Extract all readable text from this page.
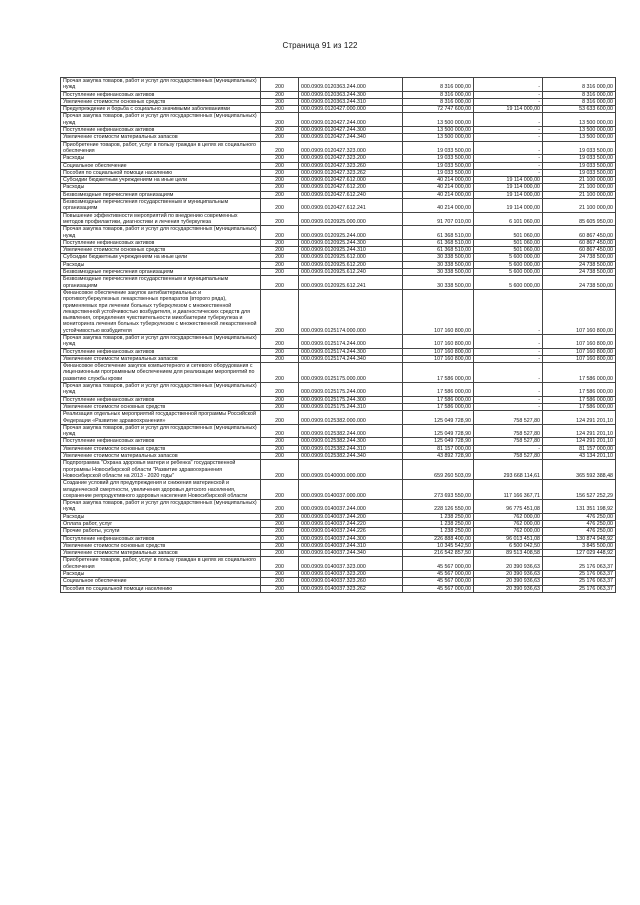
Страница 91 из 122
Прочая закупка товаров, работ и услуг для государственных (муниципальных) нужд	200	000.0909.0120363.244.000	8 316 000,00	-	8 316 000,00
Поступление нефинансовых активов	200	000.0909.0120363.244.300	8 316 000,00	-	8 316 000,00
Увеличение стоимости основных средств	200	000.0909.0120363.244.310	8 316 000,00	-	8 316 000,00
Предупреждение и борьба с социально значимыми заболеваниями	200	000.0909.0120427.000.000	72 747 600,00	19 114 000,00	53 633 600,00
Прочая закупка товаров, работ и услуг для государственных (муниципальных) нужд	200	000.0909.0120427.244.000	13 500 000,00	-	13 500 000,00
Поступление нефинансовых активов	200	000.0909.0120427.244.300	13 500 000,00	-	13 500 000,00
Увеличение стоимости материальных запасов	200	000.0909.0120427.244.340	13 500 000,00	-	13 500 000,00
Приобретение товаров, работ, услуг в пользу граждан в целях их социального обеспечения	200	000.0909.0120427.323.000	19 033 500,00	-	19 033 500,00
Расходы	200	000.0909.0120427.323.200	19 033 500,00	-	19 033 500,00
Социальное обеспечение	200	000.0909.0120427.323.260	19 033 500,00	-	19 033 500,00
Пособия по социальной помощи населению	200	000.0909.0120427.323.262	19 033 500,00	-	19 033 500,00
Субсидии бюджетным учреждениям на иные цели	200	000.0909.0120427.612.000	40 214 000,00	19 114 000,00	21 100 000,00
Расходы	200	000.0909.0120427.612.200	40 214 000,00	19 114 000,00	21 100 000,00
Безвозмездные перечисления организациям	200	000.0909.0120427.612.240	40 214 000,00	19 114 000,00	21 100 000,00
Безвозмездные перечисления государственным и муниципальным организациям	200	000.0909.0120427.612.241	40 214 000,00	19 114 000,00	21 100 000,00
Повышение эффективности мероприятий по внедрению современных методов профилактики, диагностики и лечения туберкулеза	200	000.0909.0120925.000.000	91 707 010,00	6 101 060,00	85 605 950,00
Прочая закупка товаров, работ и услуг для государственных (муниципальных) нужд	200	000.0909.0120925.244.000	61 368 510,00	501 060,00	60 867 450,00
Поступление нефинансовых активов	200	000.0909.0120925.244.300	61 368 510,00	501 060,00	60 867 450,00
Увеличение стоимости основных средств	200	000.0909.0120925.244.310	61 368 510,00	501 060,00	60 867 450,00
Субсидии бюджетным учреждениям на иные цели	200	000.0909.0120925.612.000	30 338 500,00	5 600 000,00	24 738 500,00
Расходы	200	000.0909.0120925.612.200	30 338 500,00	5 600 000,00	24 738 500,00
Безвозмездные перечисления организациям	200	000.0909.0120925.612.240	30 338 500,00	5 600 000,00	24 738 500,00
Безвозмездные перечисления государственным и муниципальным организациям	200	000.0909.0120925.612.241	30 338 500,00	5 600 000,00	24 738 500,00
Финансовое обеспечение закупок антибактериальных и противотуберкулезных лекарственных препаратов (второго ряда), применяемых при лечении больных туберкулезом с множественной лекарственной устойчивостью возбудителя, и диагностических средств для выявления, определения чувствительности микобактерии туберкулеза и мониторинга лечения больных туберкулезом с множественной лекарственной устойчивостью возбудителя	200	000.0909.0125174.000.000	107 160 800,00	-	107 160 800,00
Прочая закупка товаров, работ и услуг для государственных (муниципальных) нужд	200	000.0909.0125174.244.000	107 160 800,00	-	107 160 800,00
Поступление нефинансовых активов	200	000.0909.0125174.244.300	107 160 800,00	-	107 160 800,00
Увеличение стоимости материальных запасов	200	000.0909.0125174.244.340	107 160 800,00	-	107 160 800,00
Финансовое обеспечение закупок компьютерного и сетевого оборудования с лицензионным программным обеспечением для реализации мероприятий по развитию службы крови	200	000.0909.0125175.000.000	17 586 000,00	-	17 586 000,00
Прочая закупка товаров, работ и услуг для государственных (муниципальных) нужд	200	000.0909.0125175.244.000	17 586 000,00	-	17 586 000,00
Поступление нефинансовых активов	200	000.0909.0125175.244.300	17 586 000,00	-	17 586 000,00
Увеличение стоимости основных средств	200	000.0909.0125175.244.310	17 586 000,00	-	17 586 000,00
Реализация отдельных мероприятий государственной программы Российской Федерации «Развитие здравоохранения»	200	000.0909.0125382.000.000	125 049 728,90	758 527,80	124 291 201,10
Прочая закупка товаров, работ и услуг для государственных (муниципальных) нужд	200	000.0909.0125382.244.000	125 049 728,90	758 527,80	124 291 201,10
Поступление нефинансовых активов	200	000.0909.0125382.244.300	125 049 728,90	758 527,80	124 291 201,10
Увеличение стоимости основных средств	200	000.0909.0125382.244.310	81 157 000,00	-	81 157 000,00
Увеличение стоимости материальных запасов	200	000.0909.0125382.244.340	43 892 728,90	758 527,80	43 134 201,10
Подпрограмма "Охрана здоровья матери и ребенка" государственной программы Новосибирской области "Развитие здравоохранения Новосибирской области на 2013 - 2020 годы"	200	000.0909.0140000.000.000	659 260 503,09	293 668 114,61	365 592 388,48
Создание условий для предупреждения и снижения материнской и младенческой смертности, увеличения здоровья детского населения, сохранение репродуктивного здоровья населения Новосибирской области	200	000.0909.0140037.000.000	273 693 550,00	117 166 367,71	156 527 252,29
Прочая закупка товаров, работ и услуг для государственных (муниципальных) нужд	200	000.0909.0140037.244.000	228 126 550,00	96 775 451,08	131 351 198,92
Расходы	200	000.0909.0140037.244.200	1 238 250,00	762 000,00	476 250,00
Оплата работ, услуг	200	000.0909.0140037.244.220	1 238 250,00	762 000,00	476 250,00
Прочие работы, услуги	200	000.0909.0140037.244.226	1 238 250,00	762 000,00	476 250,00
Поступление нефинансовых активов	200	000.0909.0140037.244.300	226 888 400,00	96 013 451,08	130 874 948,92
Увеличение стоимости основных средств	200	000.0909.0140037.244.310	10 345 542,50	6 500 042,50	3 845 500,00
Увеличение стоимости материальных запасов	200	000.0909.0140037.244.340	216 542 857,50	89 513 408,58	127 029 448,92
Приобретение товаров, работ, услуг в пользу граждан в целях их социального обеспечения	200	000.0909.0140037.323.000	45 567 000,00	20 390 936,63	25 176 063,37
Расходы	200	000.0909.0140037.323.200	45 567 000,00	20 390 936,63	25 176 063,37
Социальное обеспечение	200	000.0909.0140037.323.260	45 567 000,00	20 390 936,63	25 176 063,37
Пособия по социальной помощи населению	200	000.0909.0140037.323.262	45 567 000,00	20 390 936,63	25 176 063,37
